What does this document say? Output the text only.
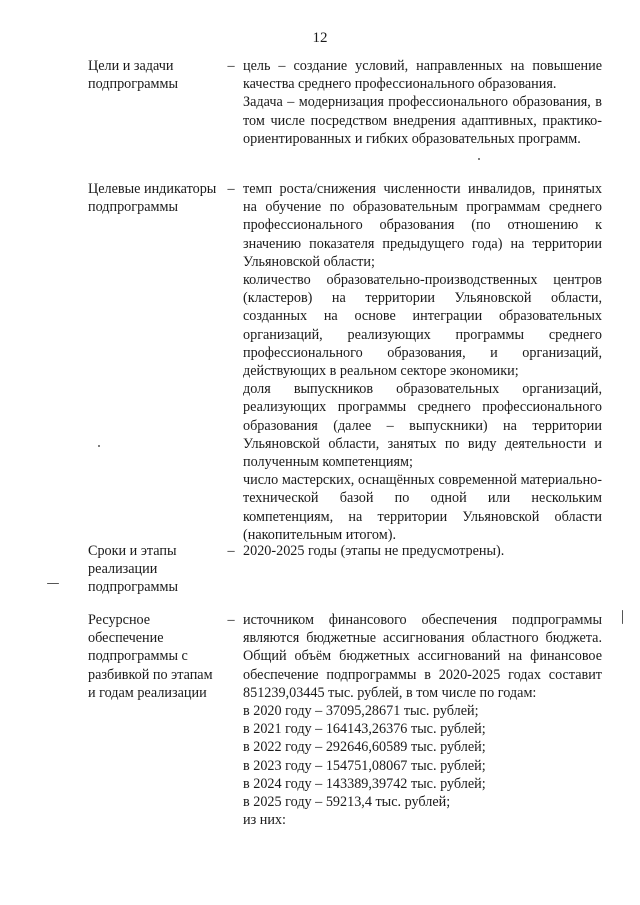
12
Цели и задачи подпрограммы
– цель – создание условий, направленных на повышение качества среднего профессионального образования.

Задача – модернизация профессионального образования, в том числе посредством внедрения адаптивных, практико-ориентированных и гибких образовательных программ.

Целевые индикаторы подпрограммы
– темп роста/снижения численности инвалидов, принятых на обучение по образовательным программам среднего профессионального образования (по отношению к значению показателя предыдущего года) на территории Ульяновской области;

количество образовательно-производственных центров (кластеров) на территории Ульяновской области, созданных на основе интеграции образовательных организаций, реализующих программы среднего профессионального образования, и организаций, действующих в реальном секторе экономики;

доля выпускников образовательных организаций, реализующих программы среднего профессионального образования (далее – выпускники) на территории Ульяновской области, занятых по виду деятельности и полученным компетенциям;

число мастерских, оснащённых современной материально-технической базой по одной или нескольким компетенциям, на территории Ульяновской области (накопительным итогом).

Сроки и этапы реализации подпрограммы
– 2020-2025 годы (этапы не предусмотрены).

Ресурсное обеспечение подпрограммы с разбивкой по этапам и годам реализации
– источником финансового обеспечения подпрограммы являются бюджетные ассигнования областного бюджета. Общий объём бюджетных ассигнований на финансовое обеспечение подпрограммы в 2020-2025 годах составит 851239,03445 тыс. рублей, в том числе по годам:

в 2020 году – 37095,28671 тыс. рублей;

в 2021 году – 164143,26376 тыс. рублей;

в 2022 году – 292646,60589 тыс. рублей;

в 2023 году – 154751,08067 тыс. рублей;

в 2024 году – 143389,39742 тыс. рублей;

в 2025 году – 59213,4 тыс. рублей;

из них:
